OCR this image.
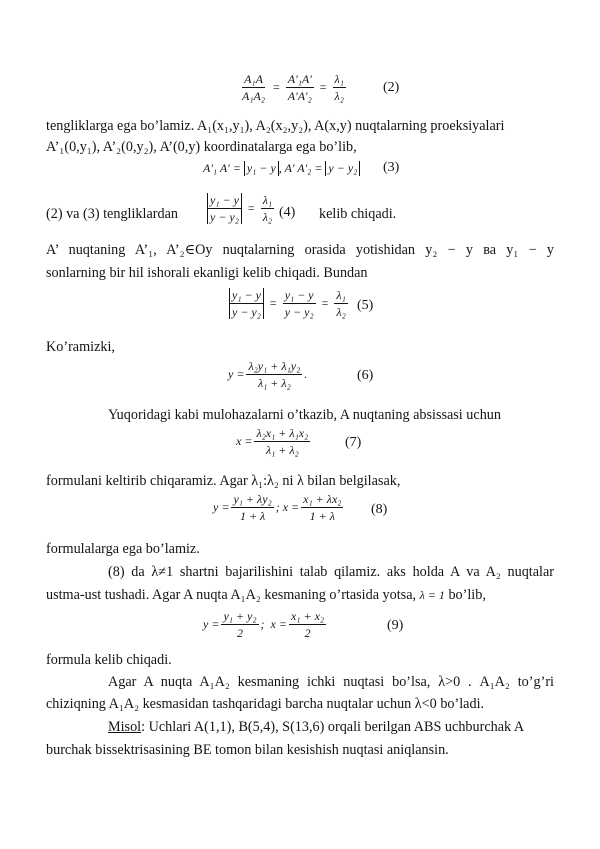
$\frac{\text{A₁A}}{\text{A₁A₂}} = \frac{\text{A'₁A'}}{\text{A'A'₂}} = \frac{\text{λ₁}}{\text{λ₂}}$	(2)
tengliklarga ega bo’lamiz. A₁(x₁,y₁), A₂(x₂,y₂), A(x,y) nuqtalarning proeksiyalari
A’₁(0,y₁), A’₂(0,y₂), A’(0,y) koordinatalarga ega bo’lib,
A'₁ A' =
y₁ − y , A' A'₂ =
y − y₂ (3)
(2) va (3) tengliklardan $\frac{\text{y₁ − y}}{\text{y − y₂}} = \frac{\text{λ₁}}{\text{λ₂}} (4)$ kelib chiqadi.
A’ nuqtaning A’₁, A’₂∈Oy nuqtalarning orasida yotishidan y₂ − y ва y₁ − y
sonlarning bir hil ishorali ekanligi kelib chiqadi. Bundan
$\frac{\text{y₁ − y}}{\text{y − y₂}} = \frac{\text{y₁ − y}}{\text{y − y₂}} = \frac{\text{λ₁}}{\text{λ₂}} (5)$
Ko’ramizki,
$y = \frac{\text{λ₂y₁ + λ₁y₂}}{\text{λ₁ + λ₂}}$ .	(6)
Yuqoridagi kabi mulohazalarni o’tkazib, A nuqtaning absissasi uchun
$x = \frac{\text{λ₂x₁ + λ₁x₂}}{\text{λ₁ + λ₂}} (7)$
formulani keltirib chiqaramiz. Agar λ₁:λ₂ ni λ bilan belgilasak,
$y = \frac{\text{y₁ + λy₂}}{1 + \lambda}$ ;
$x = \frac{\text{x₁ + λx₂}}{1 + \lambda} (8)$
formulalarga ega bo’lamiz.
(8) da λ≠1 shartni bajarilishini talab qilamiz. aks holda A va A₂ nuqtalar
ustma-ust tushadi. Agar A nuqta A₁A₂ kesmaning o’rtasida yotsa, λ = 1 bo’lib,
$y = \frac{\text{y₁ + y₂}}{2}$ ;
$x = \frac{\text{x₁ + x₂}}{2}$	(9)
formula kelib chiqadi.
Agar A nuqta A₁A₂ kesmaning ichki nuqtasi bo’lsa, λ>0 . A₁A₂ to’g’ri
chiziqning A₁A₂ kesmasidan tashqaridagi barcha nuqtalar uchun λ<0 bo’ladi.
Misol: Uchlari A(1,1), B(5,4), S(13,6) orqali berilgan ABS uchburchak A
burchak bissektrisasining BE tomon bilan kesishish nuqtasi aniqlansin.
